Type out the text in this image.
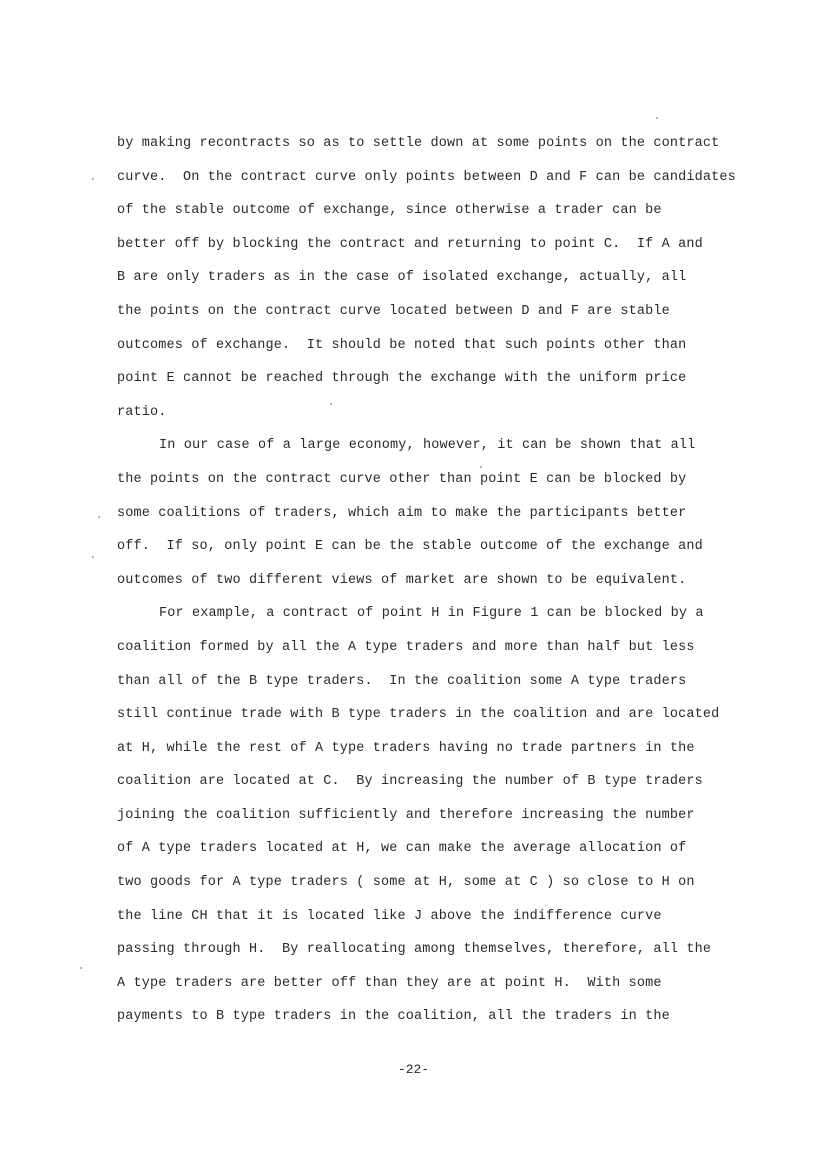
by making recontracts so as to settle down at some points on the contract
curve.  On the contract curve only points between D and F can be candidates
of the stable outcome of exchange, since otherwise a trader can be
better off by blocking the contract and returning to point C.  If A and
B are only traders as in the case of isolated exchange, actually, all
the points on the contract curve located between D and F are stable
outcomes of exchange.  It should be noted that such points other than
point E cannot be reached through the exchange with the uniform price
ratio.
In our case of a large economy, however, it can be shown that all
the points on the contract curve other than point E can be blocked by
some coalitions of traders, which aim to make the participants better
off.  If so, only point E can be the stable outcome of the exchange and
outcomes of two different views of market are shown to be equivalent.
For example, a contract of point H in Figure 1 can be blocked by a
coalition formed by all the A type traders and more than half but less
than all of the B type traders.  In the coalition some A type traders
still continue trade with B type traders in the coalition and are located
at H, while the rest of A type traders having no trade partners in the
coalition are located at C.  By increasing the number of B type traders
joining the coalition sufficiently and therefore increasing the number
of A type traders located at H, we can make the average allocation of
two goods for A type traders ( some at H, some at C ) so close to H on
the line CH that it is located like J above the indifference curve
passing through H.  By reallocating among themselves, therefore, all the
A type traders are better off than they are at point H.  With some
payments to B type traders in the coalition, all the traders in the
-22-
